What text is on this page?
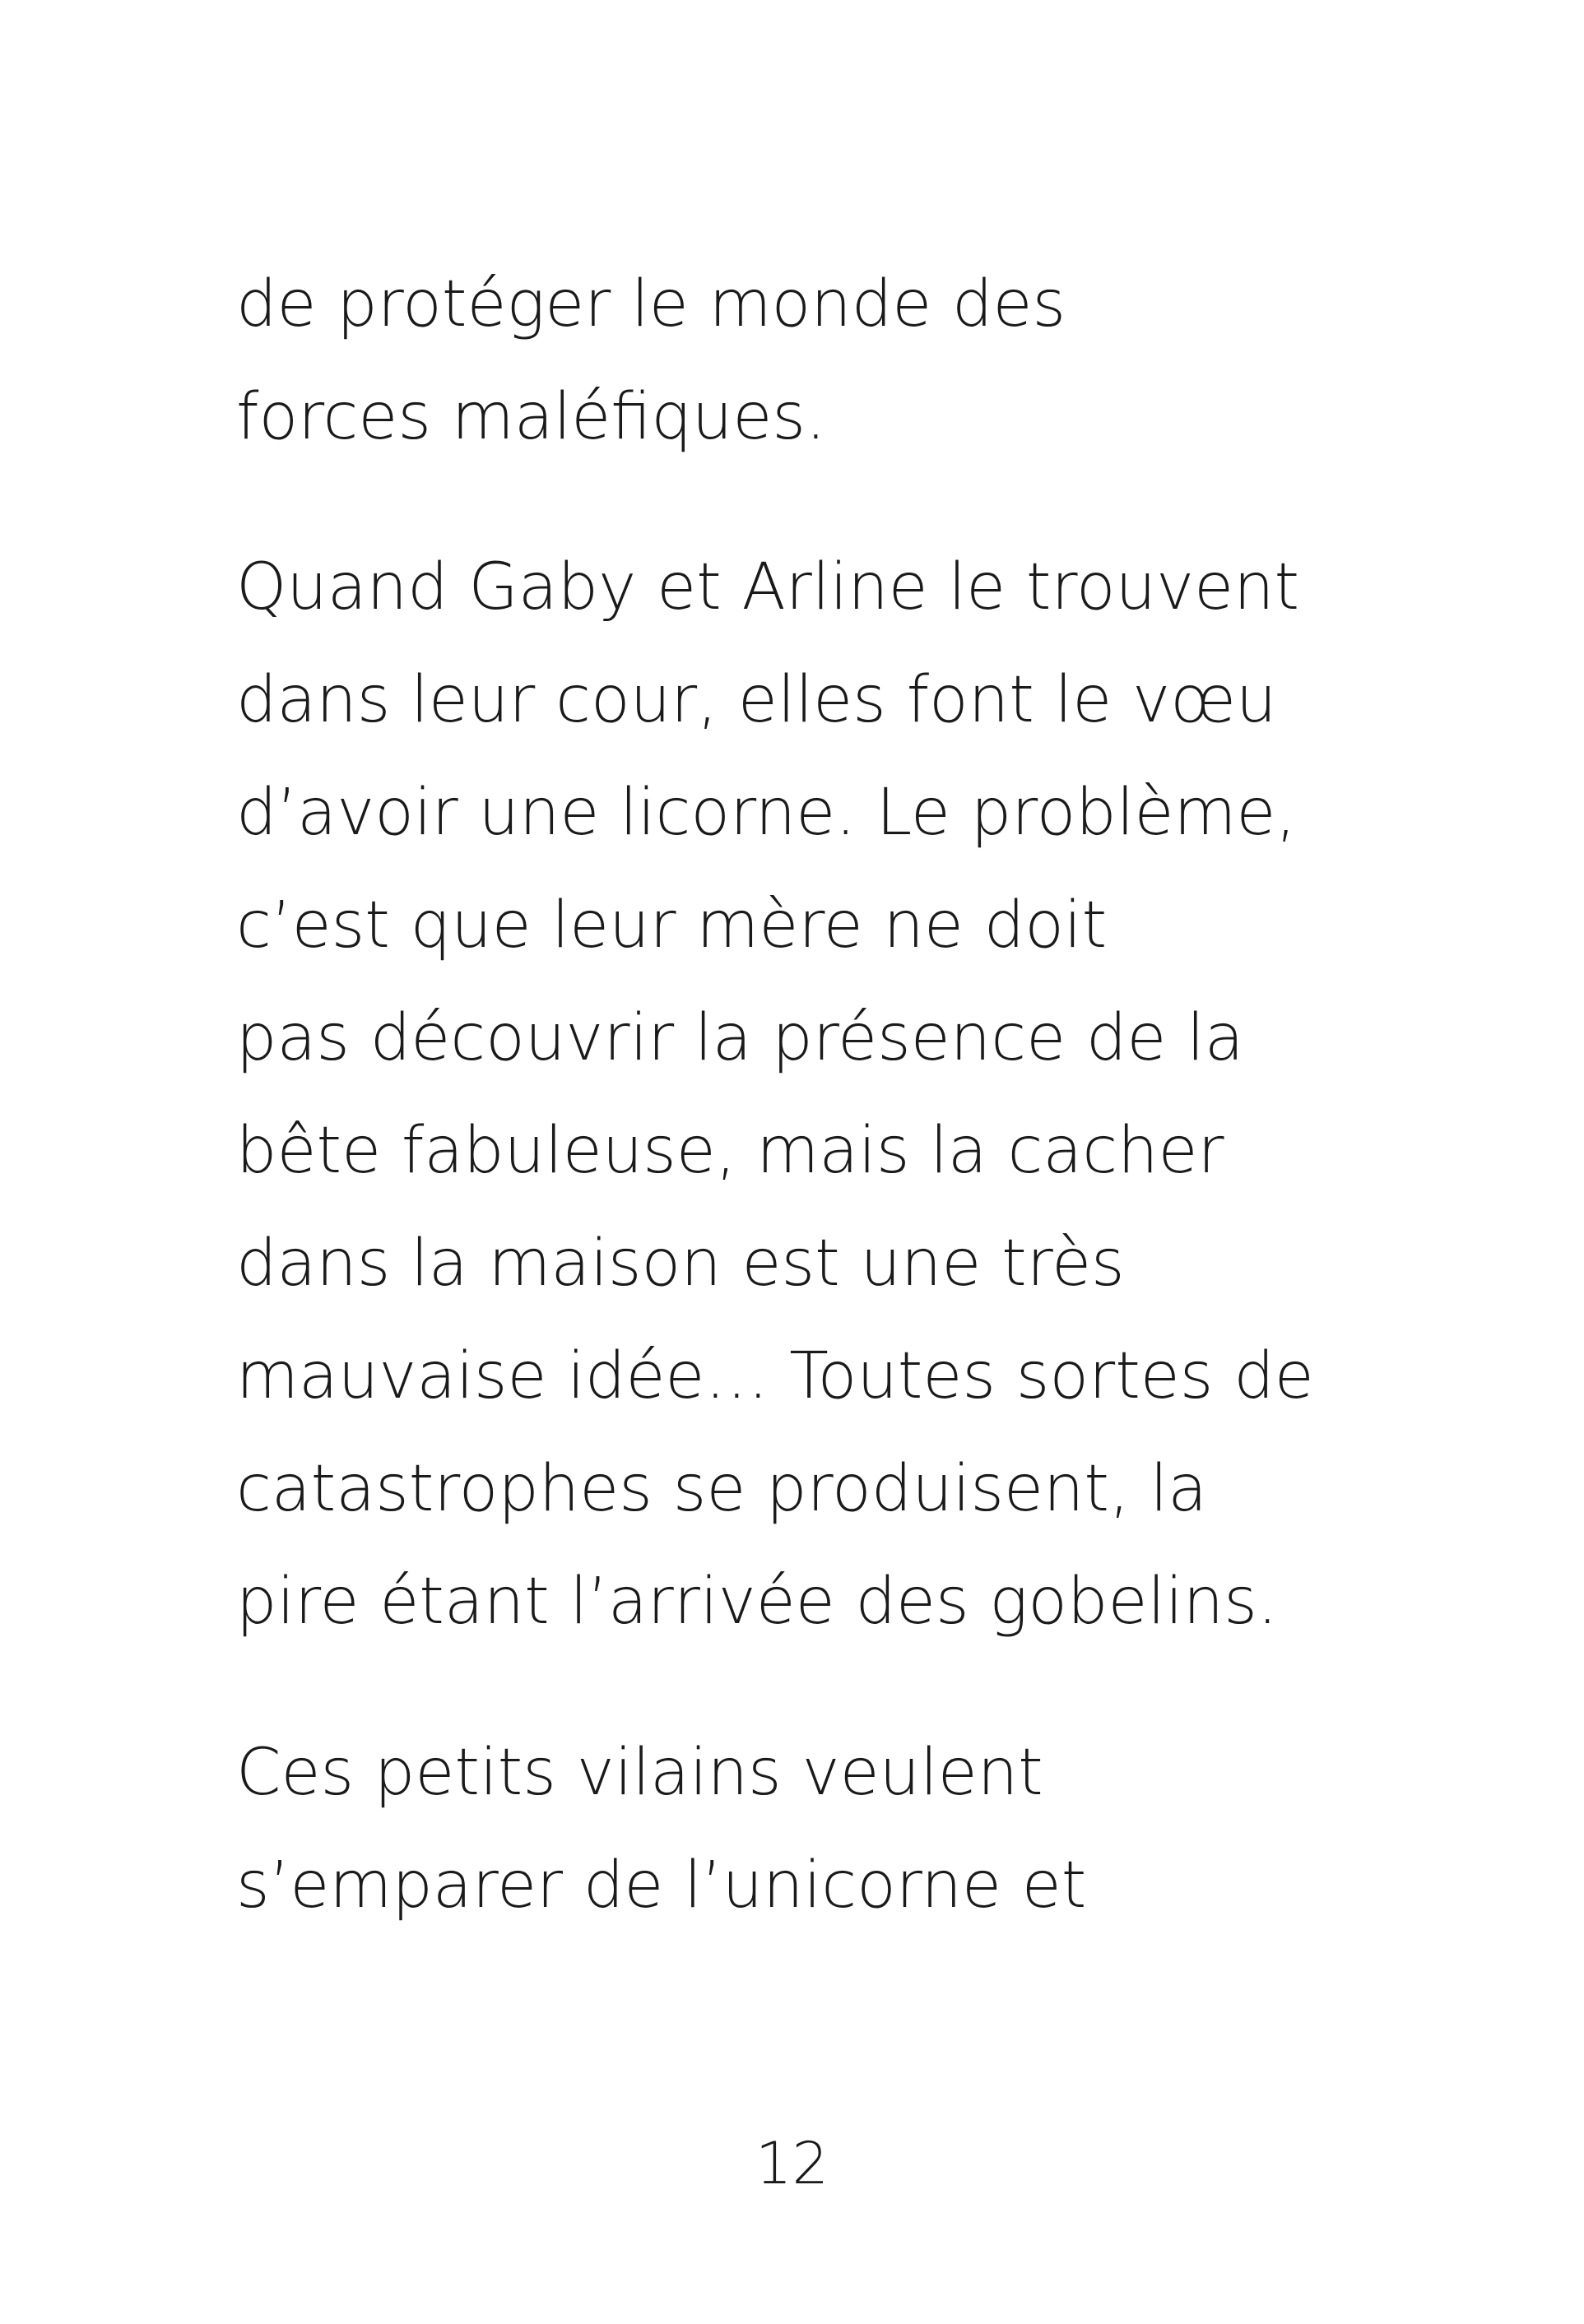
de protéger le monde des
forces maléfiques.
Quand Gaby et Arline le trouvent
dans leur cour, elles font le vœu
d’avoir une licorne. Le problème,
c’est que leur mère ne doit
pas découvrir la présence de la
bête fabuleuse, mais la cacher
dans la maison est une très
mauvaise idée… Toutes sortes de
catastrophes se produisent, la
pire étant l’arrivée des gobelins.
Ces petits vilains veulent
s’emparer de l’unicorne et
12
